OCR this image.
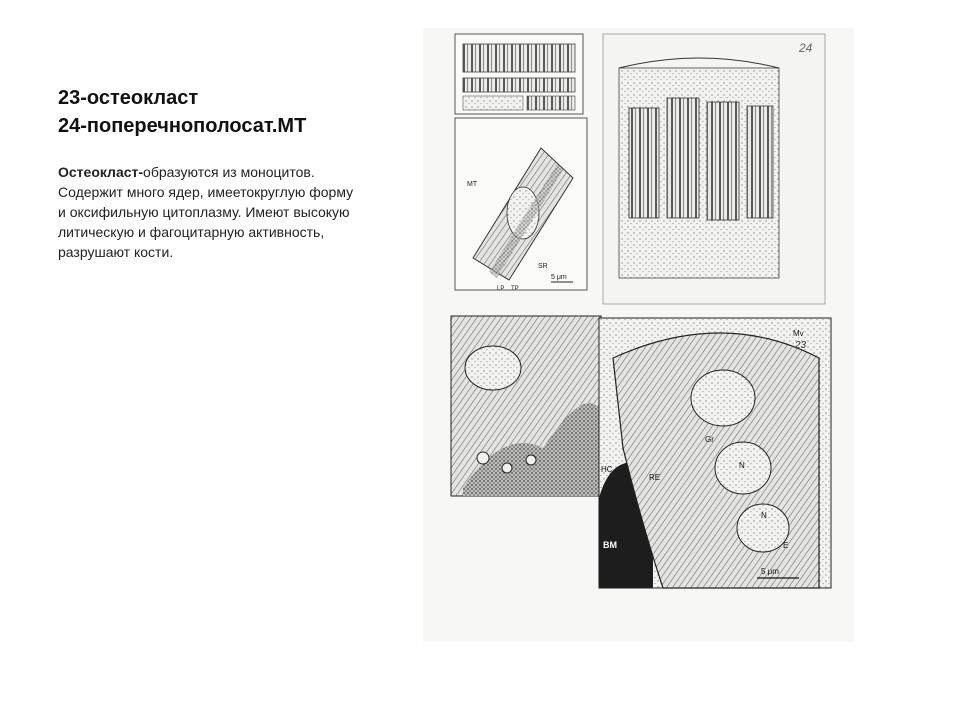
23-остеокласт
24-поперечнополосат.МТ
Остеокласт-образуются из моноцитов. Содержит много ядер, имеетокруглую форму и оксифильную цитоплазму. Имеют высокую литическую и фагоцитарную активность, разрушают кости.
SR
MT
LP TP
5 μm
24
23
Mv
BM
HC
RE
N
N
Gr
E
5 μm
